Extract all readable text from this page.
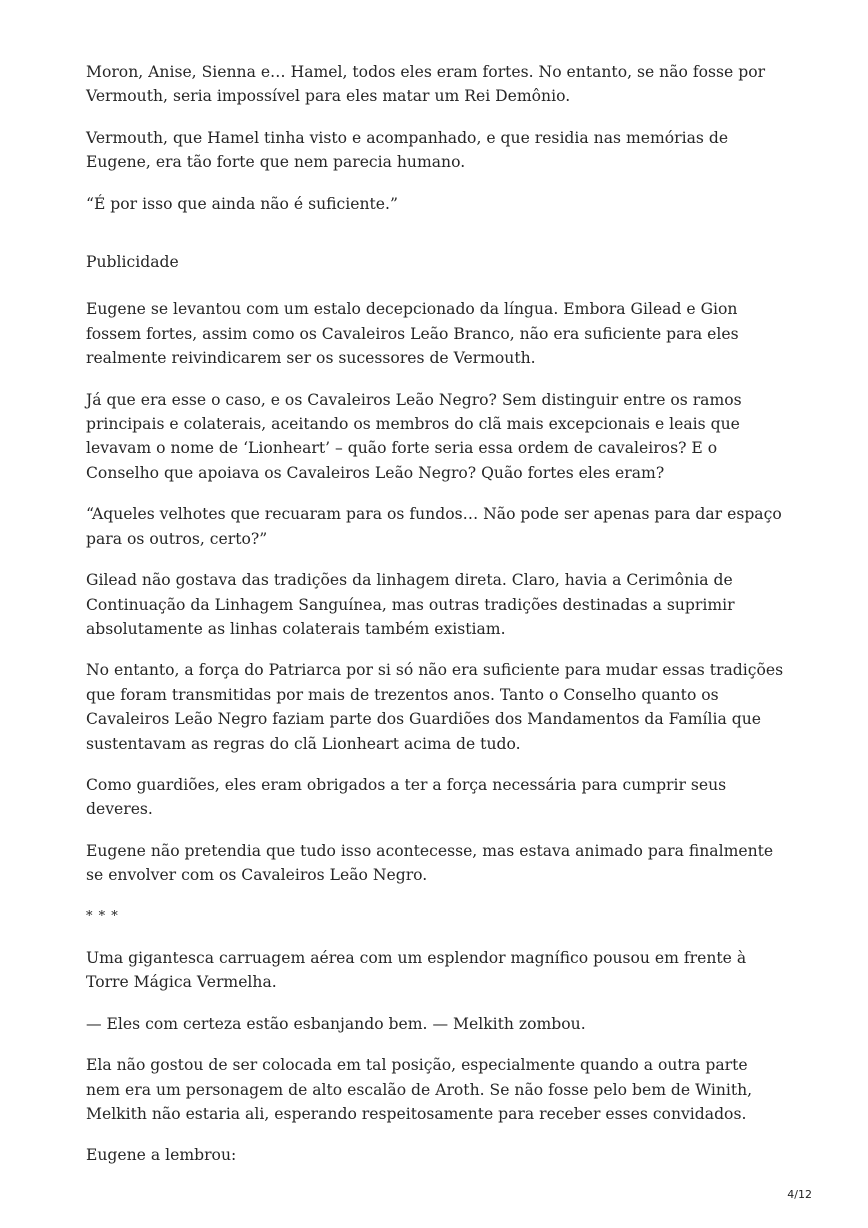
Moron, Anise, Sienna e… Hamel, todos eles eram fortes. No entanto, se não fosse por Vermouth, seria impossível para eles matar um Rei Demônio.

Vermouth, que Hamel tinha visto e acompanhado, e que residia nas memórias de Eugene, era tão forte que nem parecia humano.

“É por isso que ainda não é suficiente.”

Publicidade

Eugene se levantou com um estalo decepcionado da língua. Embora Gilead e Gion fossem fortes, assim como os Cavaleiros Leão Branco, não era suficiente para eles realmente reivindicarem ser os sucessores de Vermouth.

Já que era esse o caso, e os Cavaleiros Leão Negro? Sem distinguir entre os ramos principais e colaterais, aceitando os membros do clã mais excepcionais e leais que levavam o nome de ‘Lionheart’ – quão forte seria essa ordem de cavaleiros? E o Conselho que apoiava os Cavaleiros Leão Negro? Quão fortes eles eram?

“Aqueles velhotes que recuaram para os fundos… Não pode ser apenas para dar espaço para os outros, certo?”

Gilead não gostava das tradições da linhagem direta. Claro, havia a Cerimônia de Continuação da Linhagem Sanguínea, mas outras tradições destinadas a suprimir absolutamente as linhas colaterais também existiam.

No entanto, a força do Patriarca por si só não era suficiente para mudar essas tradições que foram transmitidas por mais de trezentos anos. Tanto o Conselho quanto os Cavaleiros Leão Negro faziam parte dos Guardiões dos Mandamentos da Família que sustentavam as regras do clã Lionheart acima de tudo.

Como guardiões, eles eram obrigados a ter a força necessária para cumprir seus deveres.

Eugene não pretendia que tudo isso acontecesse, mas estava animado para finalmente se envolver com os Cavaleiros Leão Negro.

* * *

Uma gigantesca carruagem aérea com um esplendor magnífico pousou em frente à Torre Mágica Vermelha.

— Eles com certeza estão esbanjando bem. — Melkith zombou.

Ela não gostou de ser colocada em tal posição, especialmente quando a outra parte nem era um personagem de alto escalão de Aroth. Se não fosse pelo bem de Winith, Melkith não estaria ali, esperando respeitosamente para receber esses convidados.

Eugene a lembrou:

4/12
